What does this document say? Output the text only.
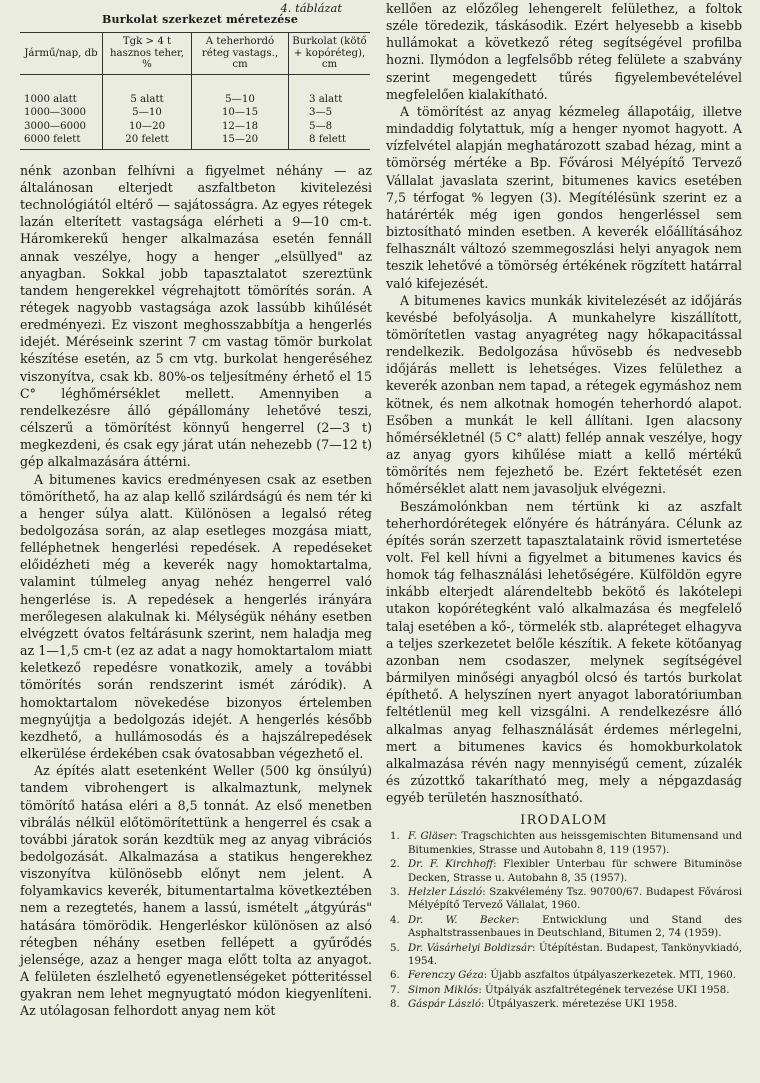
4. táblázat
Burkolat szerkezet méretezése
Jármű/nap, db	Tgk > 4 t hasznos teher, %	A teherhordó réteg vastags., cm	Burkolat (kötő + kopóréteg), cm
1000 alatt	5 alatt	5—10	3 alatt
1000—3000	5—10	10—15	3—5
3000—6000	10—20	12—18	5—8
6000 felett	20 felett	15—20	8 felett

nénk azonban felhívni a figyelmet néhány — az általánosan elterjedt aszfaltbeton kivitelezési technológiától eltérő — sajátosságra. Az egyes rétegek lazán elterített vastagsága elérheti a 9—10 cm-t. Háromkerekű henger alkalmazása esetén fennáll annak veszélye, hogy a henger „elsüllyed" az anyagban. Sokkal jobb tapasztalatot szereztünk tandem hengerekkel végrehajtott tömörítés során. A rétegek nagyobb vastagsága azok lassúbb kihűlését eredményezi. Ez viszont meghosszabbítja a hengerlés idejét. Méréseink szerint 7 cm vastag tömör burkolat készítése esetén, az 5 cm vtg. burkolat hengeréséhez viszonyítva, csak kb. 80%-os teljesítmény érhető el 15 C° léghőmérséklet mellett. Amennyiben a rendelkezésre álló gépállomány lehetővé teszi, célszerű a tömörítést könnyű hengerrel (2—3 t) megkezdeni, és csak egy járat után nehezebb (7—12 t) gép alkalmazására áttérni.

A bitumenes kavics eredményesen csak az esetben tömöríthető, ha az alap kellő szilárdságú és nem tér ki a henger súlya alatt. Különösen a legalsó réteg bedolgozása során, az alap esetleges mozgása miatt, felléphetnek hengerlési repedések. A repedéseket előidézheti még a keverék nagy homoktartalma, valamint túlmeleg anyag nehéz hengerrel való hengerlése is. A repedések a hengerlés irányára merőlegesen alakulnak ki. Mélységük néhány esetben elvégzett óvatos feltárásunk szerint, nem haladja meg az 1—1,5 cm-t (ez az adat a nagy homoktartalom miatt keletkező repedésre vonatkozik, amely a további tömörítés során rendszerint ismét záródik). A homoktartalom növekedése bizonyos értelemben megnyújtja a bedolgozás idejét. A hengerlés később kezdhető, a hullámosodás és a hajszálrepedések elkerülése érdekében csak óvatosabban végezhető el.

Az építés alatt esetenként Weller (500 kg önsúlyú) tandem vibrohengert is alkalmaztunk, melynek tömörítő hatása eléri a 8,5 tonnát. Az első menetben vibrálás nélkül előtömörítettünk a hengerrel és csak a további járatok során kezdtük meg az anyag vibrációs bedolgozását. Alkalmazása a statikus hengerekhez viszonyítva különösebb előnyt nem jelent. A folyamkavics keverék, bitumentartalma következtében nem a rezegtetés, hanem a lassú, ismételt „átgyúrás" hatására tömörödik. Hengerléskor különösen az alsó rétegben néhány esetben fellépett a gyűrődés jelensége, azaz a henger maga előtt tolta az anyagot. A felületen észlelhető egyenetlenségeket pótteritéssel gyakran nem lehet megnyugtató módon kiegyenlíteni. Az utólagosan felhordott anyag nem köt

kellően az előzőleg lehengerelt felülethez, a foltok széle töredezik, táskásodik. Ezért helyesebb a kisebb hullámokat a következő réteg segítségével profilba hozni. Ilymódon a legfelsőbb réteg felülete a szabvány szerint megengedett tűrés figyelembevételével megfelelően kialakítható.

A tömörítést az anyag kézmeleg állapotáig, illetve mindaddig folytattuk, míg a henger nyomot hagyott. A vízfelvétel alapján meghatározott szabad hézag, mint a tömörség mértéke a Bp. Fővárosi Mélyépítő Tervező Vállalat javaslata szerint, bitumenes kavics esetében 7,5 térfogat % legyen (3). Megítélésünk szerint ez a határérték még igen gondos hengerléssel sem biztosítható minden esetben. A keverék előállításához felhasznált változó szemmegoszlási helyi anyagok nem teszik lehetővé a tömörség értékének rögzített határral való kifejezését.

A bitumenes kavics munkák kivitelezését az időjárás kevésbé befolyásolja. A munkahelyre kiszállított, tömörítetlen vastag anyagréteg nagy hőkapacitással rendelkezik. Bedolgozása hűvösebb és nedvesebb időjárás mellett is lehetséges. Vizes felülethez a keverék azonban nem tapad, a rétegek egymáshoz nem kötnek, és nem alkotnak homogén teherhordó alapot. Esőben a munkát le kell állítani. Igen alacsony hőmérsékletnél (5 C° alatt) fellép annak veszélye, hogy az anyag gyors kihűlése miatt a kellő mértékű tömörítés nem fejezhető be. Ezért fektetését ezen hőmérséklet alatt nem javasoljuk elvégezni.

Beszámolónkban nem tértünk ki az aszfalt teherhordórétegek előnyére és hátrányára. Célunk az építés során szerzett tapasztalataink rövid ismertetése volt. Fel kell hívni a figyelmet a bitumenes kavics és homok tág felhasználási lehetőségére. Külföldön egyre inkább elterjedt alárendeltebb bekötő és lakótelepi utakon kopórétegként való alkalmazása és megfelelő talaj esetében a kő-, törmelék stb. alapréteget elhagyva a teljes szerkezetet belőle készítik. A fekete kötőanyag azonban nem csodaszer, melynek segítségével bármilyen minőségi anyagból olcsó és tartós burkolat építhető. A helyszínen nyert anyagot laboratóriumban feltétlenül meg kell vizsgálni. A rendelkezésre álló alkalmas anyag felhasználását érdemes mérlegelni, mert a bitumenes kavics és homokburkolatok alkalmazása révén nagy mennyiségű cement, zúzalék és zúzottkő takarítható meg, mely a népgazdaság egyéb területén hasznosítható.

IRODALOM
1. F. Gläser: Tragschichten aus heissgemischten Bitumensand und Bitumenkies, Strasse und Autobahn 8, 119 (1957).
2. Dr. F. Kirchhoff: Flexibler Unterbau für schwere Bituminöse Decken, Strasse u. Autobahn 8, 35 (1957).
3. Helzler László: Szakvélemény Tsz. 90700/67. Budapest Fővárosi Mélyépítő Tervező Vállalat, 1960.
4. Dr. W. Becker: Entwicklung und Stand des Asphaltstrassenbaues in Deutschland, Bitumen 2, 74 (1959).
5. Dr. Vásárhelyi Boldizsár: Útépítéstan. Budapest, Tankönyvkiadó, 1954.
6. Ferenczy Géza: Újabb aszfaltos útpályaszerkezetek. MTI, 1960.
7. Simon Miklós: Útpályák aszfaltrétegének tervezése UKI 1958.
8. Gáspár László: Útpályaszerk. méretezése UKI 1958.
